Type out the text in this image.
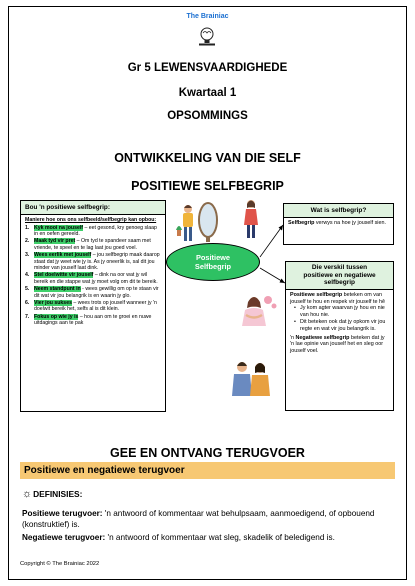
The Brainiac
Gr 5 LEWENSVAARDIGHEDE
Kwartaal 1
OPSOMMINGS
ONTWIKKELING VAN DIE SELF
POSITIEWE SELFBEGRIP
Bou 'n positiewe selfbegrip:
Maniere hoe ons ons selfbeeld/selfbegrip kan opbou:
1. Kyk mooi na jouself – eet gesond, kry genoeg slaap in en oefen gereeld.
2. Maak tyd vir pret – Om tyd te spandeer saam met vriende, te speel en te lag laat jou goed voel.
3. Wees eerlik met jouself – jou selfbegrip maak daarop staat dat jy weet wie jy is. As jy oneerlik is, sal dit jou minder van jouself laat dink.
4. Stel doelwitte vir jouself – dink na oor wat jy wil bereik en die stappe wat jy moet volg om dit te bereik.
5. Neem standpunt in - wees gewillig om op te staan vir dit wat vir jou belangrik is en waarin jy glo.
6. Vier jou sukses – wees trots op jouself wanneer jy 'n doelwit bereik het, selfs al is dit klein.
7. Fokus op wie jy is – hou aan om te groei en nuwe uitdagings aan te pak
Positiewe
Selfbegrip
Wat is selfbegrip?
Selfbegrip verwys na hoe jy jouself sien.
Die verskil tussen
positiewe en negatiewe
selfbegrip
Positiewe selfbegrip beteken om van jouself te hou en respek vir jouself te hê
• Jy kom agter waarvan jy hou en nie van hou nie.
• Dit beteken ook dat jy opkom vir jou regte en wat vir jou belangrik is.
'n Negatiewe selfbegrip beteken dat jy 'n lae opinie van jouself het en sleg oor jouself voel.
GEE EN ONTVANG TERUGVOER
Positiewe en negatiewe terugvoer
☼DEFINISIES:
Positiewe terugvoer: 'n antwoord of kommentaar wat behulpsaam, aanmoedigend, of opbouend (konstruktief) is.
Negatiewe terugvoer: 'n antwoord of kommentaar wat sleg, skadelik of beledigend is.
Copyright © The Brainiac 2022
